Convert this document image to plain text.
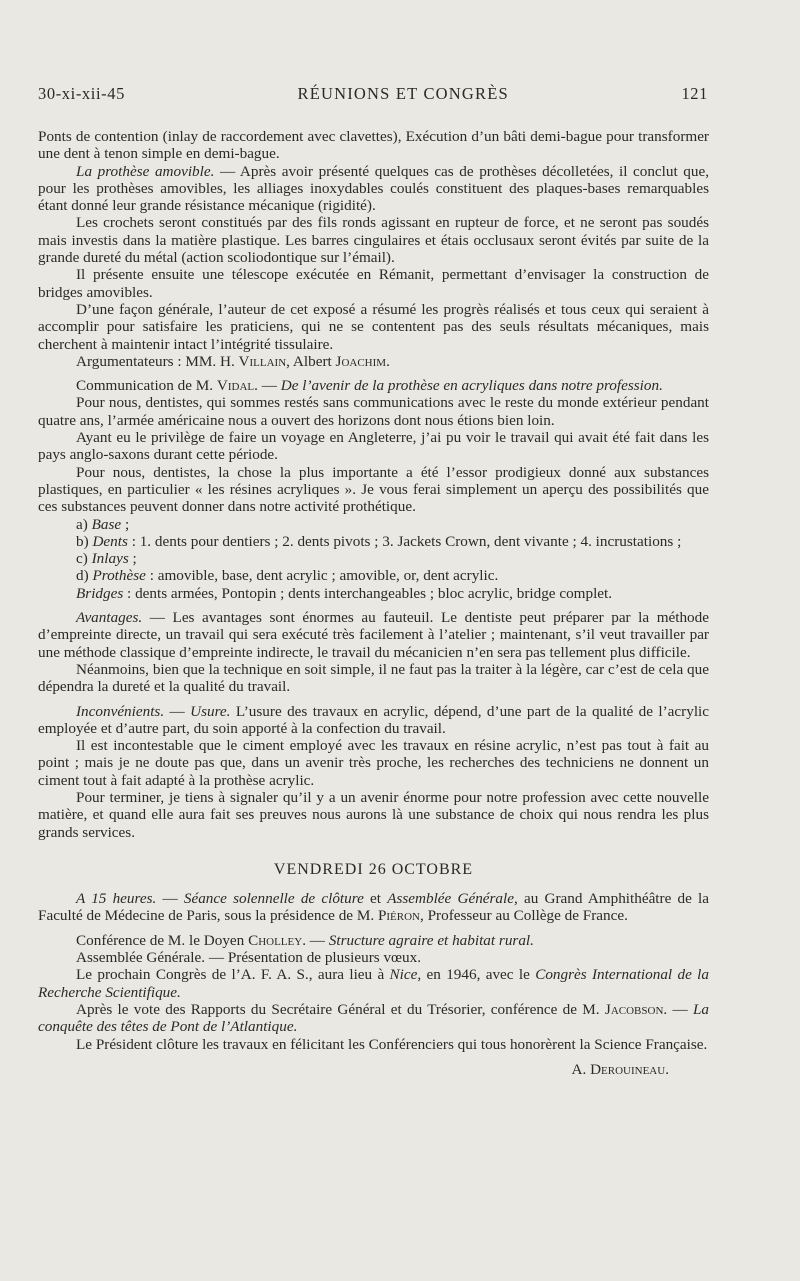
30-xi-xii-45	RÉUNIONS ET CONGRÈS	121

Ponts de contention (inlay de raccordement avec clavettes), Exécution d’un bâti demi-bague pour transformer une dent à tenon simple en demi-bague.

La prothèse amovible. — Après avoir présenté quelques cas de prothèses décolletées, il conclut que, pour les prothèses amovibles, les alliages inoxydables coulés constituent des plaques-bases remarquables étant donné leur grande résistance mécanique (rigidité).

Les crochets seront constitués par des fils ronds agissant en rupteur de force, et ne seront pas soudés mais investis dans la matière plastique. Les barres cingulaires et étais occlusaux seront évités par suite de la grande dureté du métal (action scoliodontique sur l’émail).

Il présente ensuite une télescope exécutée en Rémanit, permettant d’envisager la construction de bridges amovibles.

D’une façon générale, l’auteur de cet exposé a résumé les progrès réalisés et tous ceux qui seraient à accomplir pour satisfaire les praticiens, qui ne se contentent pas des seuls résultats mécaniques, mais cherchent à maintenir intact l’intégrité tissulaire.

Argumentateurs : MM. H. Villain, Albert Joachim.

Communication de M. Vidal. — De l’avenir de la prothèse en acryliques dans notre profession.

Pour nous, dentistes, qui sommes restés sans communications avec le reste du monde extérieur pendant quatre ans, l’armée américaine nous a ouvert des horizons dont nous étions bien loin.

Ayant eu le privilège de faire un voyage en Angleterre, j’ai pu voir le travail qui avait été fait dans les pays anglo-saxons durant cette période.

Pour nous, dentistes, la chose la plus importante a été l’essor prodigieux donné aux substances plastiques, en particulier « les résines acryliques ». Je vous ferai simplement un aperçu des possibilités que ces substances peuvent donner dans notre activité prothétique.

a) Base ;

b) Dents : 1. dents pour dentiers ; 2. dents pivots ; 3. Jackets Crown, dent vivante ; 4. incrustations ;

c) Inlays ;

d) Prothèse : amovible, base, dent acrylic ; amovible, or, dent acrylic.

Bridges : dents armées, Pontopin ; dents interchangeables ; bloc acrylic, bridge complet.

Avantages. — Les avantages sont énormes au fauteuil. Le dentiste peut préparer par la méthode d’empreinte directe, un travail qui sera exécuté très facilement à l’atelier ; maintenant, s’il veut travailler par une méthode classique d’empreinte indirecte, le travail du mécanicien n’en sera pas tellement plus difficile.

Néanmoins, bien que la technique en soit simple, il ne faut pas la traiter à la légère, car c’est de cela que dépendra la dureté et la qualité du travail.

Inconvénients. — Usure. L’usure des travaux en acrylic, dépend, d’une part de la qualité de l’acrylic employée et d’autre part, du soin apporté à la confection du travail.

Il est incontestable que le ciment employé avec les travaux en résine acrylic, n’est pas tout à fait au point ; mais je ne doute pas que, dans un avenir très proche, les recherches des techniciens ne donnent un ciment tout à fait adapté à la prothèse acrylic.

Pour terminer, je tiens à signaler qu’il y a un avenir énorme pour notre profession avec cette nouvelle matière, et quand elle aura fait ses preuves nous aurons là une substance de choix qui nous rendra les plus grands services.

VENDREDI 26 OCTOBRE

A 15 heures. — Séance solennelle de clôture et Assemblée Générale, au Grand Amphithéâtre de la Faculté de Médecine de Paris, sous la présidence de M. Piéron, Professeur au Collège de France.

Conférence de M. le Doyen Cholley. — Structure agraire et habitat rural.

Assemblée Générale. — Présentation de plusieurs vœux.

Le prochain Congrès de l’A. F. A. S., aura lieu à Nice, en 1946, avec le Congrès International de la Recherche Scientifique.

Après le vote des Rapports du Secrétaire Général et du Trésorier, conférence de M. Jacobson. — La conquête des têtes de Pont de l’Atlantique.

Le Président clôture les travaux en félicitant les Conférenciers qui tous honorèrent la Science Française.

A. Derouineau.
